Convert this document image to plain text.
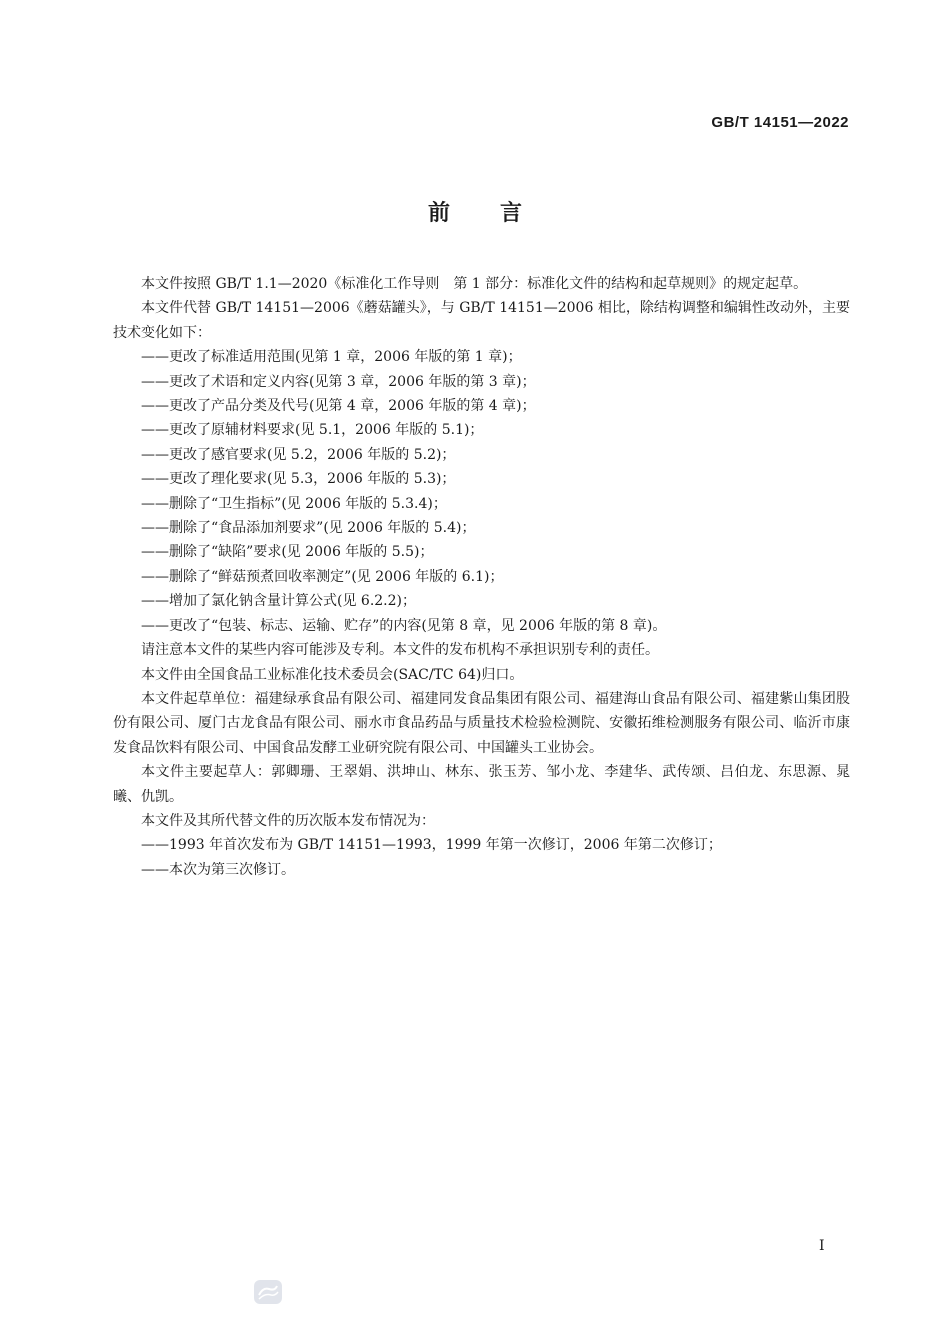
GB/T 14151—2022
前言

本文件按照 GB/T 1.1—2020《标准化工作导则　第 1 部分：标准化文件的结构和起草规则》的规定起草。

本文件代替 GB/T 14151—2006《蘑菇罐头》，与 GB/T 14151—2006 相比，除结构调整和编辑性改动外，主要技术变化如下：

——更改了标准适用范围(见第 1 章，2006 年版的第 1 章)；

——更改了术语和定义内容(见第 3 章，2006 年版的第 3 章)；

——更改了产品分类及代号(见第 4 章，2006 年版的第 4 章)；

——更改了原辅材料要求(见 5.1，2006 年版的 5.1)；

——更改了感官要求(见 5.2，2006 年版的 5.2)；

——更改了理化要求(见 5.3，2006 年版的 5.3)；

——删除了“卫生指标”(见 2006 年版的 5.3.4)；

——删除了“食品添加剂要求”(见 2006 年版的 5.4)；

——删除了“缺陷”要求(见 2006 年版的 5.5)；

——删除了“鲜菇预煮回收率测定”(见 2006 年版的 6.1)；

——增加了氯化钠含量计算公式(见 6.2.2)；

——更改了“包装、标志、运输、贮存”的内容(见第 8 章，见 2006 年版的第 8 章)。

请注意本文件的某些内容可能涉及专利。本文件的发布机构不承担识别专利的责任。

本文件由全国食品工业标准化技术委员会(SAC/TC 64)归口。

本文件起草单位：福建绿承食品有限公司、福建同发食品集团有限公司、福建海山食品有限公司、福建紫山集团股份有限公司、厦门古龙食品有限公司、丽水市食品药品与质量技术检验检测院、安徽拓维检测服务有限公司、临沂市康发食品饮料有限公司、中国食品发酵工业研究院有限公司、中国罐头工业协会。

本文件主要起草人：郭卿珊、王翠娟、洪坤山、林东、张玉芳、邹小龙、李建华、武传颂、吕伯龙、东思源、晁曦、仇凯。

本文件及其所代替文件的历次版本发布情况为：

——1993 年首次发布为 GB/T 14151—1993，1999 年第一次修订，2006 年第二次修订；

——本次为第三次修订。

I
